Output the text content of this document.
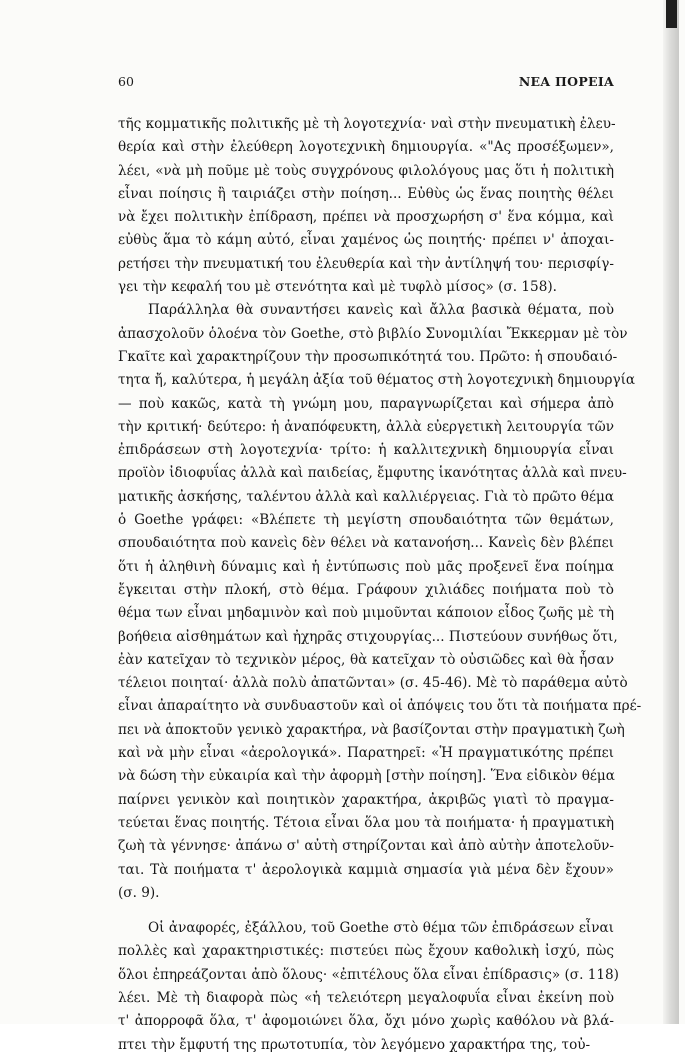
60	ΝΕΑ ΠΟΡΕΙΑ
τῆς κομματικῆς πολιτικῆς μὲ τὴ λογοτεχνία· ναὶ στὴν πνευματικὴ ἐλευ-
θερία καὶ στὴν ἐλεύθερη λογοτεχνικὴ δημιουργία. «"Ας προσέξωμεν»,
λέει, «νὰ μὴ ποῦμε μὲ τοὺς συγχρόνους φιλολόγους μας ὅτι ἡ πολιτικὴ
εἶναι ποίησις ἢ ταιριάζει στὴν ποίηση... Εὐθὺς ὡς ἕνας ποιητὴς θέλει
νὰ ἔχει πολιτικὴν ἐπίδραση, πρέπει νὰ προσχωρήση σ' ἕνα κόμμα, καὶ
εὐθὺς ἅμα τὸ κάμη αὐτό, εἶναι χαμένος ὡς ποιητής· πρέπει ν' ἀποχαι-
ρετήσει τὴν πνευματική του ἐλευθερία καὶ τὴν ἀντίληψή του· περισφίγ-
γει τὴν κεφαλή του μὲ στενότητα καὶ μὲ τυφλὸ μίσος» (σ. 158).
Παράλληλα θὰ συναντήσει κανεὶς καὶ ἄλλα βασικὰ θέματα, ποὺ
ἀπασχολοῦν ὁλοένα τὸν Goethe, στὸ βιβλίο Συνομιλίαι Ἔκκερμαν μὲ τὸν
Γκαῖτε καὶ χαρακτηρίζουν τὴν προσωπικότητά του. Πρῶτο: ἡ σπουδαιό-
τητα ἤ, καλύτερα, ἡ μεγάλη ἀξία τοῦ θέματος στὴ λογοτεχνικὴ δημιουργία
— ποὺ κακῶς, κατὰ τὴ γνώμη μου, παραγνωρίζεται καὶ σήμερα ἀπὸ
τὴν κριτική· δεύτερο: ἡ ἀναπόφευκτη, ἀλλὰ εὐεργετικὴ λειτουργία τῶν
ἐπιδράσεων στὴ λογοτεχνία· τρίτο: ἡ καλλιτεχνικὴ δημιουργία εἶναι
προϊὸν ἰδιοφυΐας ἀλλὰ καὶ παιδείας, ἔμφυτης ἱκανότητας ἀλλὰ καὶ πνευ-
ματικῆς ἀσκήσης, ταλέντου ἀλλὰ καὶ καλλιέργειας. Γιὰ τὸ πρῶτο θέμα
ὁ Goethe γράφει: «Βλέπετε τὴ μεγίστη σπουδαιότητα τῶν θεμάτων,
σπουδαιότητα ποὺ κανεὶς δὲν θέλει νὰ κατανοήση... Κανεὶς δὲν βλέπει
ὅτι ἡ ἀληθινὴ δύναμις καὶ ἡ ἐντύπωσις ποὺ μᾶς προξενεῖ ἕνα ποίημα
ἔγκειται στὴν πλοκή, στὸ θέμα. Γράφουν χιλιάδες ποιήματα ποὺ τὸ
θέμα των εἶναι μηδαμινὸν καὶ ποὺ μιμοῦνται κάποιον εἶδος ζωῆς μὲ τὴ
βοήθεια αἰσθημάτων καὶ ἠχηρᾶς στιχουργίας... Πιστεύουν συνήθως ὅτι,
ἐὰν κατεῖχαν τὸ τεχνικὸν μέρος, θὰ κατεῖχαν τὸ οὐσιῶδες καὶ θὰ ἦσαν
τέλειοι ποιηταί· ἀλλὰ πολὺ ἀπατῶνται» (σ. 45-46). Μὲ τὸ παράθεμα αὐτὸ
εἶναι ἀπαραίτητο νὰ συνδυαστοῦν καὶ οἱ ἀπόψεις του ὅτι τὰ ποιήματα πρέ-
πει νὰ ἀποκτοῦν γενικὸ χαρακτήρα, νὰ βασίζονται στὴν πραγματικὴ ζωὴ
καὶ νὰ μὴν εἶναι «ἀερολογικά». Παρατηρεῖ: «Ἡ πραγματικότης πρέπει
νὰ δώση τὴν εὐκαιρία καὶ τὴν ἀφορμὴ [στὴν ποίηση]. Ἕνα εἰδικὸν θέμα
παίρνει γενικὸν καὶ ποιητικὸν χαρακτήρα, ἀκριβῶς γιατὶ τὸ πραγμα-
τεύεται ἕνας ποιητής. Τέτοια εἶναι ὅλα μου τὰ ποιήματα· ἡ πραγματικὴ
ζωὴ τὰ γέννησε· ἀπάνω σ' αὐτὴ στηρίζονται καὶ ἀπὸ αὐτὴν ἀποτελοῦν-
ται. Τὰ ποιήματα τ' ἀερολογικὰ καμμιὰ σημασία γιὰ μένα δὲν ἔχουν»
(σ. 9).
Οἱ ἀναφορές, ἐξάλλου, τοῦ Goethe στὸ θέμα τῶν ἐπιδράσεων εἶναι
πολλὲς καὶ χαρακτηριστικές: πιστεύει πὼς ἔχουν καθολικὴ ἰσχύ, πὼς
ὅλοι ἐπηρεάζονται ἀπὸ ὅλους· «ἐπιτέλους ὅλα εἶναι ἐπίδρασις» (σ. 118)
λέει. Μὲ τὴ διαφορὰ πὼς «ἡ τελειότερη μεγαλοφυΐα εἶναι ἐκείνη ποὺ
τ' ἀπορροφᾶ ὅλα, τ' ἀφομοιώνει ὅλα, ὄχι μόνο χωρὶς καθόλου νὰ βλά-
πτει τὴν ἔμφυτή της πρωτοτυπία, τὸν λεγόμενο χαρακτήρα της, τοὐ-
